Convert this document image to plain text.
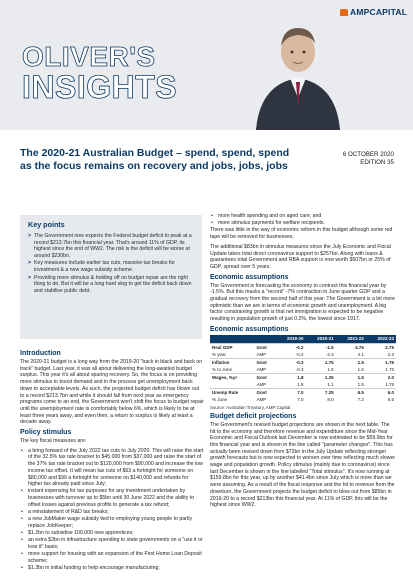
AMPCAPITAL
OLIVER'S
INSIGHTS
The 2020-21 Australian Budget – spend, spend, spend as the focus remains on recovery and jobs, jobs, jobs
6 OCTOBER 2020
EDITION 35
Key points
> The Government now expects the Federal budget deficit to peak at a record $213.7bn this financial year. That's around 11% of GDP, its highest since the end of WW2. The risk is the deficit will be worse at around $230bn.
> Key measures include earlier tax cuts, massive tax breaks for investment & a new wage subsidy scheme.
> Providing more stimulus & holding off on budget repair are the right thing to do. But it will be a long hard slog to get the deficit back down and stabilise public debt.
Introduction
The 2020-21 budget is a long way from the 2019-20 "back in black and back on track" budget. Last year, it was all about delivering the long-awaited budget surplus. This year it's all about sparing recovery. So, the focus is on providing more stimulus to boost demand and in the process get unemployment back down to acceptable levels. As such, the projected budget deficit has blown out to a record $213.7bn and while it should fall from next year as emergency programs come to an end, the Government won't shift the focus to budget repair until the unemployment rate is comfortably below 6%, which is likely to be at least three years away, and even then, a return to surplus is likely at least a decade away.
Policy stimulus
The key fiscal measures are:
• a bring forward of the July 2022 tax cuts to July 2020. This will raise the start of the 32.5% tax rate bracket to $45,000 from $37,000 and raise the start of the 37% tax rate bracket out to $120,000 from $90,000 and increase the low income tax offset. It will mean tax cuts of $63 a fortnight for someone on $80,000 and $99 a fortnight for someone on $140,000 and refunds for higher tax already paid since July;
• instant expensing for tax purposes for any investment undertaken by businesses with turnover up to $5bn until 30 June 2022 and the ability to offset losses against previous profits to generate a tax refund;
• a reinstatement of R&D tax breaks;
• a new JobMaker wage subsidy tied to employing young people to partly replace JobKeeper;
• $1.2bn to subsidise 100,000 new apprentices;
• an extra $3bn in infrastructure spending to state governments on a "use it or lose it" basis;
• more support for housing with an expansion of the First Home Loan Deposit scheme;
• $1.3bn in initial funding to help encourage manufacturing;
• more health spending and on aged care; and
• more stimulus payments for welfare recipients.
There was little in the way of economic reform in this budget although some red tape will be removed for businesses.
The additional $83bn in stimulus measures since the July Economic and Fiscal Update takes total direct coronavirus support to $257bn. Along with loans & guarantees total Government and RBA support is now worth $507bn or 25% of GDP, spread over 5 years.
Economic assumptions
The Government is forecasting the economy to contract this financial year by -1.5%. But this masks a "record" -7% contraction in June quarter GDP and a gradual recovery from the second half of this year. The Government is a bit more optimistic than we are in terms of economic growth and unemployment. A big factor constraining growth is that net immigration is expected to be negative resulting in population growth of just 0.2%, the lowest since 1917.
Economic assumptions
		2019-20	2020-21	2021-22	2022-23
Real GDP	Govt	-0.2	-1.5	4.75	2.75
% year	AMP	-0.2	-2.3	4.1	2.3
Inflation	Govt	-0.3	1.75	1.5	1.75
% to June	AMP	-0.3	1.5	1.5	1.75
Wages, %yr	Govt	1.8	1.25	1.5	2.0
	AMP	1.8	1.1	1.5	1.75
Unemp Rate	Govt	7.0	7.25	6.5	6.0
% June	AMP	7.0	8.0	7.2	6.5
Source: Australian Treasury, AMP Capital
Budget deficit projections
The Government's revised budget projections are shown in the next table. The hit to the economy and therefore revenue and expenditure since the Mid-Year Economic and Fiscal Outlook last December is now estimated to be $59.9bn for this financial year and is shown in the line called "parameter changes". This has actually been revised down from $72bn in the July Update reflecting stronger growth forecasts but is now expected to worsen over time reflecting much slower wage and population growth. Policy stimulus (mainly due to coronavirus) since last December is shown in the line labelled "Total stimulus". It's now running at $159.8bn for this year, up by another $41.4bn since July which is more than we were assuming. As a result of the fiscal response and the hit to revenue from the downturn, the Government projects the budget deficit to blow out from $85bn in 2019-20 to a record $213bn this financial year. At 11% of GDP, this will be the highest since WW2.
